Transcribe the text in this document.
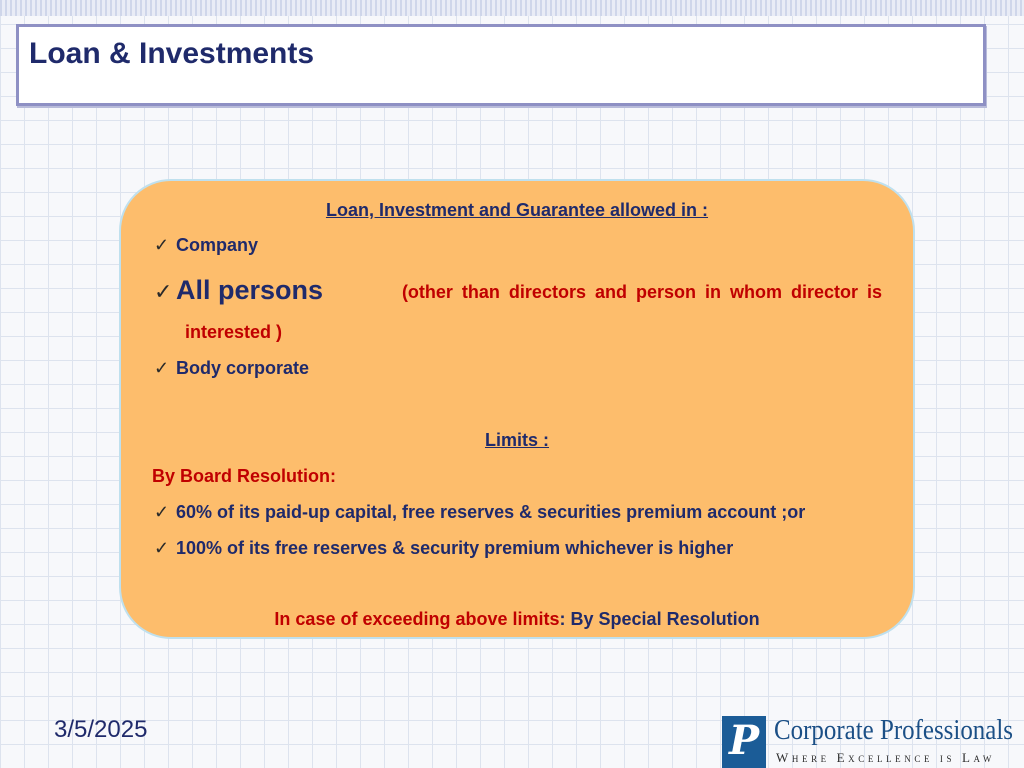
Loan & Investments
Loan, Investment and Guarantee allowed in :
✓ Company
✓ All persons	(other than directors and person in whom director is
interested )
✓ Body corporate
Limits :
By Board Resolution:
✓ 60% of its paid-up capital, free reserves & securities premium account ;or
✓ 100% of its free reserves & security premium whichever is higher
In case of exceeding above limits: By Special Resolution
3/5/2025	P Corporate Professionals
Where Excellence is Law
